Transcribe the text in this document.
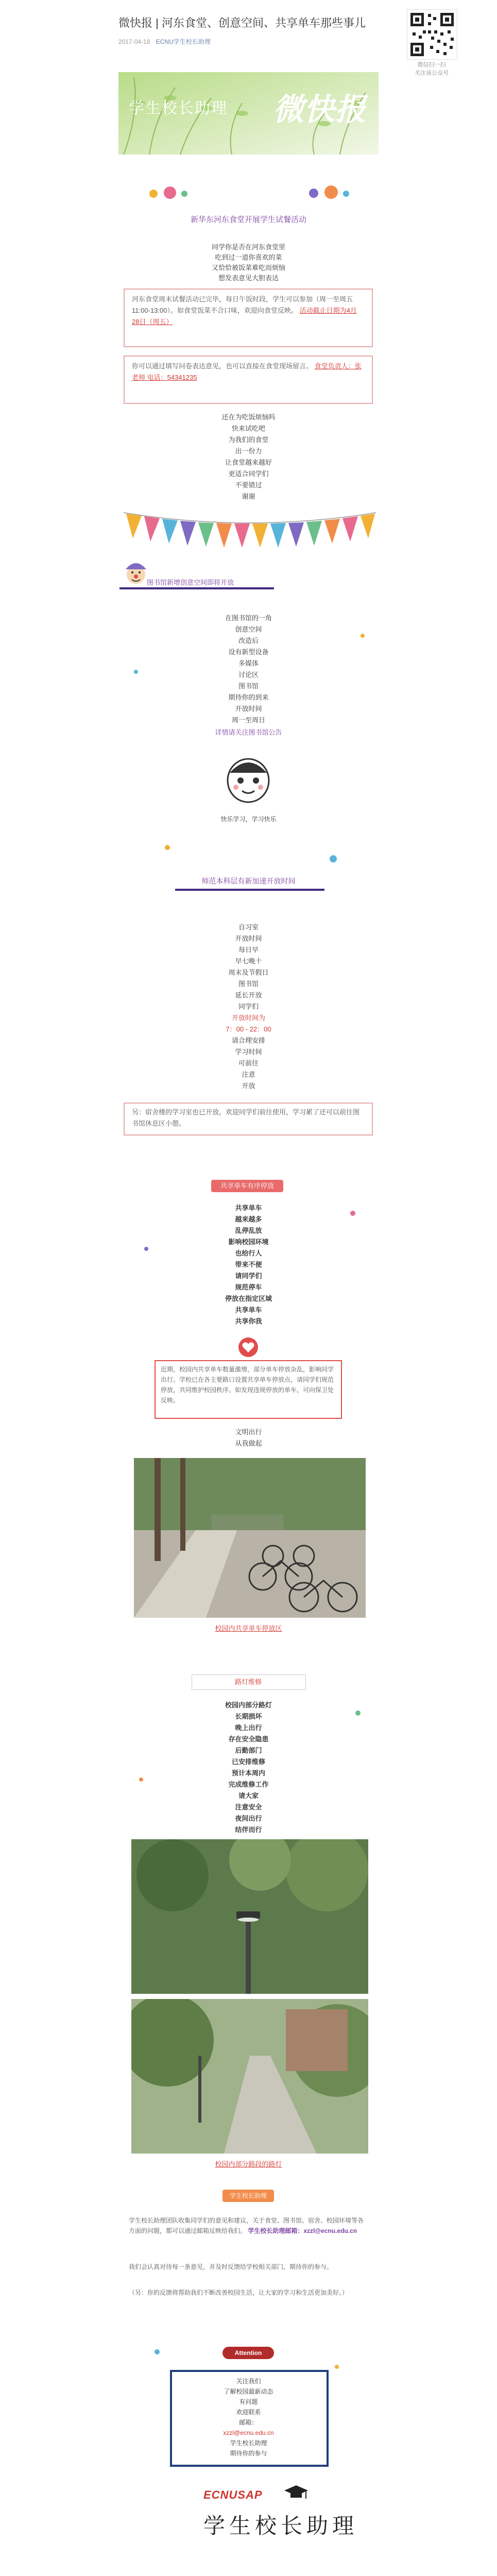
微快报 | 河东食堂、创意空间、共享单车那些事儿
2017-04-18 ECNU学生校长助理
微信扫一扫
关注该公众号
学生校长助理 微快报
新华东河东食堂开展学生试餐活动
同学你是否在河东食堂里
吃到过一道你喜欢的菜
又恰恰被饭菜难吃而烦恼
想发表意见大胆表达
河东食堂周末试餐活动已完毕，每日午饭时段，学生可以参加（周一至周五 11:00-13:00）。如食堂饭菜不合口味，欢迎向食堂反映。 活动截止日期为4月28日（周五）
你可以通过填写问卷表达意见，也可以直接在食堂现场留言。 食堂负责人：张老师 电话：54341235
还在为吃饭烦恼吗
快来试吃吧
为我们的食堂
出一份力
让食堂越来越好
更适合同学们
不要错过
谢谢
图书馆新增创意空间即将开放
在图书馆的一角
创意空间
改造后
设有新型设备
多媒体
讨论区
图书馆
期待你的到来
开放时间
周一至周日
详情请关注图书馆公告
快乐学习，学习快乐
师范本科层有新加速开放时间
自习室
开放时间
每日早
早七晚十
周末及节假日
图书馆
延长开放
同学们
开放时间为
7：00 - 22：00
请合理安排
学习时间
可前往
注意
开放
另：宿舍楼的学习室也已开放，欢迎同学们前往使用，学习累了还可以前往图书馆休息区小憩。
共享单车有序停放
共享单车
越来越多
乱停乱放
影响校园环境
也给行人
带来不便
请同学们
规范停车
停放在指定区域
共享单车
共享你我
近期，校园内共享单车数量激增，部分单车停放杂乱，影响同学出行。学校已在各主要路口设置共享单车停放点，请同学们规范停放，共同维护校园秩序。如发现违规停放的单车，可向保卫处反映。
文明出行
从我做起
校园内共享单车停放区
路灯维修
校园内部分路灯
长期损坏
晚上出行
存在安全隐患
后勤部门
已安排维修
预计本周内
完成维修工作
请大家
注意安全
夜间出行
结伴而行
校园内部分路段的路灯
学生校长助理
学生校长助理团队收集同学们的意见和建议，关于食堂、图书馆、宿舍、校园环境等各方面的问题，都可以通过邮箱反映给我们。 学生校长助理邮箱：xzzl@ecnu.edu.cn
我们会认真对待每一条意见，并及时反馈给学校相关部门，期待你的参与。
（另：你的反馈将帮助我们不断改善校园生活，让大家的学习和生活更加美好。）
Attention
关注我们
了解校园最新动态
有问题
欢迎联系
邮箱：
xzzl@ecnu.edu.cn
学生校长助理
期待你的参与
ECNUSAP
学生校长助理
